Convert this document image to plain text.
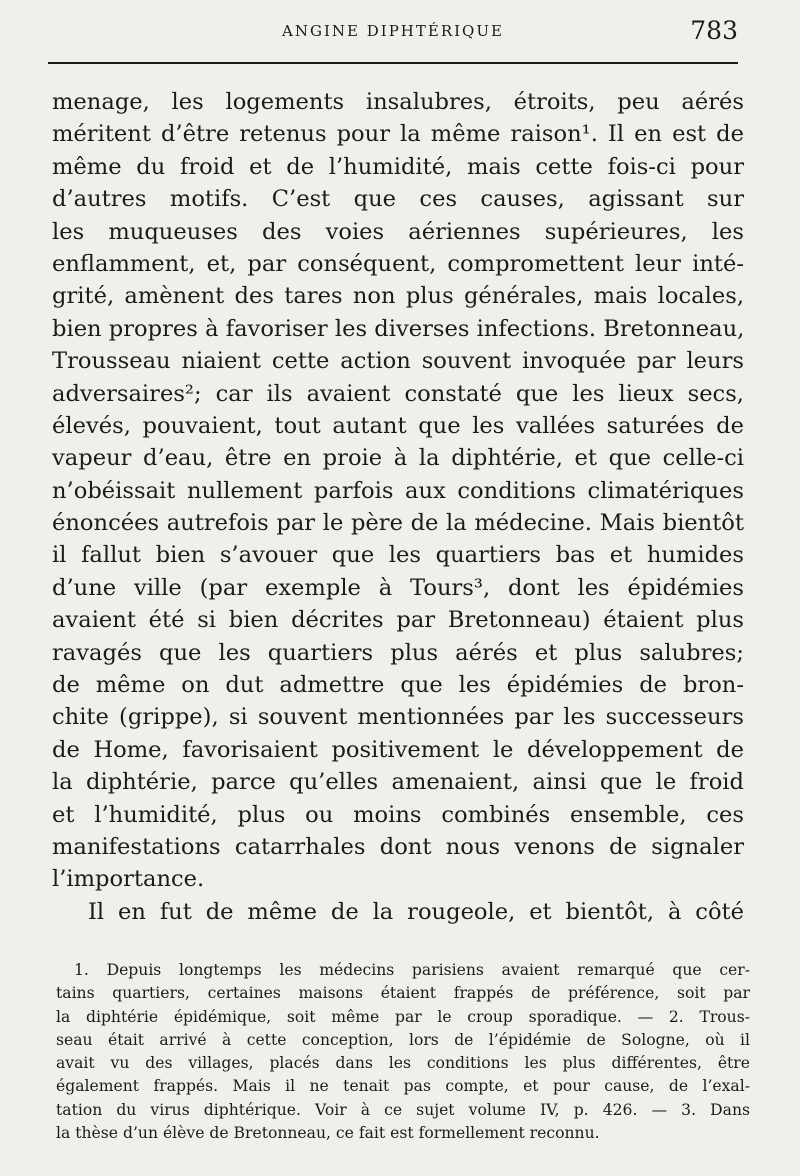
ANGINE DIPHTÉRIQUE	783
menage, les logements insalubres, étroits, peu aérés
méritent d’être retenus pour la même raison¹. Il en est de
même du froid et de l’humidité, mais cette fois-ci pour
d’autres motifs. C’est que ces causes, agissant sur
les muqueuses des voies aériennes supérieures, les
enflamment, et, par conséquent, compromettent leur inté-
grité, amènent des tares non plus générales, mais locales,
bien propres à favoriser les diverses infections. Bretonneau,
Trousseau niaient cette action souvent invoquée par leurs
adversaires²; car ils avaient constaté que les lieux secs,
élevés, pouvaient, tout autant que les vallées saturées de
vapeur d’eau, être en proie à la diphtérie, et que celle-ci
n’obéissait nullement parfois aux conditions climatériques
énoncées autrefois par le père de la médecine. Mais bientôt
il fallut bien s’avouer que les quartiers bas et humides
d’une ville (par exemple à Tours³, dont les épidémies
avaient été si bien décrites par Bretonneau) étaient plus
ravagés que les quartiers plus aérés et plus salubres;
de même on dut admettre que les épidémies de bron-
chite (grippe), si souvent mentionnées par les successeurs
de Home, favorisaient positivement le développement de
la diphtérie, parce qu’elles amenaient, ainsi que le froid
et l’humidité, plus ou moins combinés ensemble, ces
manifestations catarrhales dont nous venons de signaler
l’importance.
Il en fut de même de la rougeole, et bientôt, à côté
1. Depuis longtemps les médecins parisiens avaient remarqué que cer-
tains quartiers, certaines maisons étaient frappés de préférence, soit par
la diphtérie épidémique, soit même par le croup sporadique. — 2. Trous-
seau était arrivé à cette conception, lors de l’épidémie de Sologne, où il
avait vu des villages, placés dans les conditions les plus différentes, être
également frappés. Mais il ne tenait pas compte, et pour cause, de l’exal-
tation du virus diphtérique. Voir à ce sujet volume IV, p. 426. — 3. Dans
la thèse d’un élève de Bretonneau, ce fait est formellement reconnu.
